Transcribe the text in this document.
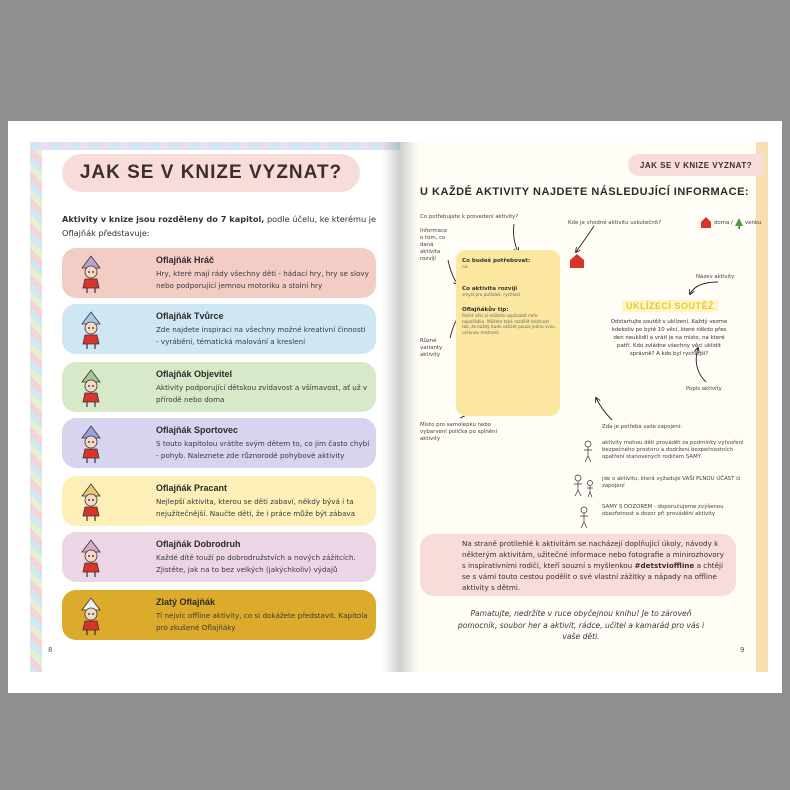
JAK SE V KNIZE VYZNAT?
Aktivity v knize jsou rozděleny do 7 kapitol, podle účelu, ke kterému je Oflajňák představuje:
Oflajňák Hráč
Hry, které mají rády všechny děti - hádací hry, hry se slovy nebo podporující jemnou motoriku a stolní hry
Oflajňák Tvůrce
Zde najdete inspiraci na všechny možné kreativní činnosti - vyrábění, tématická malování a kreslení
Oflajňák Objevitel
Aktivity podporující dětskou zvídavost a všímavost, ať už v přírodě nebo doma
Oflajňák Sportovec
S touto kapitolou vrátíte svým dětem to, co jim často chybí - pohyb. Naleznete zde různorodé pohybové aktivity
Oflajňák Pracant
Nejlepší aktivita, kterou se děti zabaví, někdy bývá i ta nejužitečnější. Naučte děti, že i práce může být zábava
Oflajňák Dobrodruh
Každé dítě touží po dobrodružstvích a nových zážitcích. Zjistěte, jak na to bez velkých (jakýchkoliv) výdajů
Zlatý Oflajňák
Ti nejvíc offline aktivity, co si dokážete představit. Kapitola pro zkušené Oflajňáky
8
JAK SE V KNIZE VYZNAT?
U KAŽDÉ AKTIVITY NAJDETE NÁSLEDUJÍCÍ INFORMACE:
Co potřebujete k provedení aktivity?
Kde je vhodné aktivitu uskutečnit?	doma / venku
Informace o tom, co daná aktivita rozvíjí
Různé varianty aktivity
Název aktivity
Popis aktivity
Místo pro samolepku nebo vybarvení políčka po splnění aktivity
Zda je potřeba vaše zapojení:
aktivity mohou děti provádět za podmínky vytvoření bezpečného prostoru a dodržení bezpečnostních opatření stanovených rodičem SAMY
jde o aktivitu, která vyžaduje VAŠI PLNOU ÚČAST či zapojení
SAMY S DOZOREM - doporučujeme zvýšenou obezřetnost a dozor při provádění aktivity
Co budeš potřebovat:
nic
Co aktivita rozvíjí
smysl pro pořádek, rychlost
Oflajňákův tip:
Počet věcí si můžete uzpůsobit míře nepořádku. Můžete také rozdělit místnost tak, že každý bude uklízet pouze jednu svou určenou místnost.
UKLÍZECÍ SOUTĚŽ
Odstartujte soutěž v uklízení. Každý vezme kdekoliv po bytě 10 věcí, které někdo přes den neuklidil a vrátí je na místo, na které patří. Kdo zvládne všechny věci uklidit správně? A kdo byl rychlejší?
Na straně protilehlé k aktivitám se nacházejí doplňující úkoly, návody k některým aktivitám, užitečné informace nebo fotografie a minirozhovory s inspirativními rodiči, kteří souzní s myšlenkou #detstvioffline a chtějí se s vámi touto cestou podělit o své vlastní zážitky a nápady na offline aktivity s dětmi.
Pamatujte, nedržíte v ruce obyčejnou knihu! Je to zároveň pomocník, soubor her a aktivit, rádce, učitel a kamarád pro vás i vaše děti.
9
